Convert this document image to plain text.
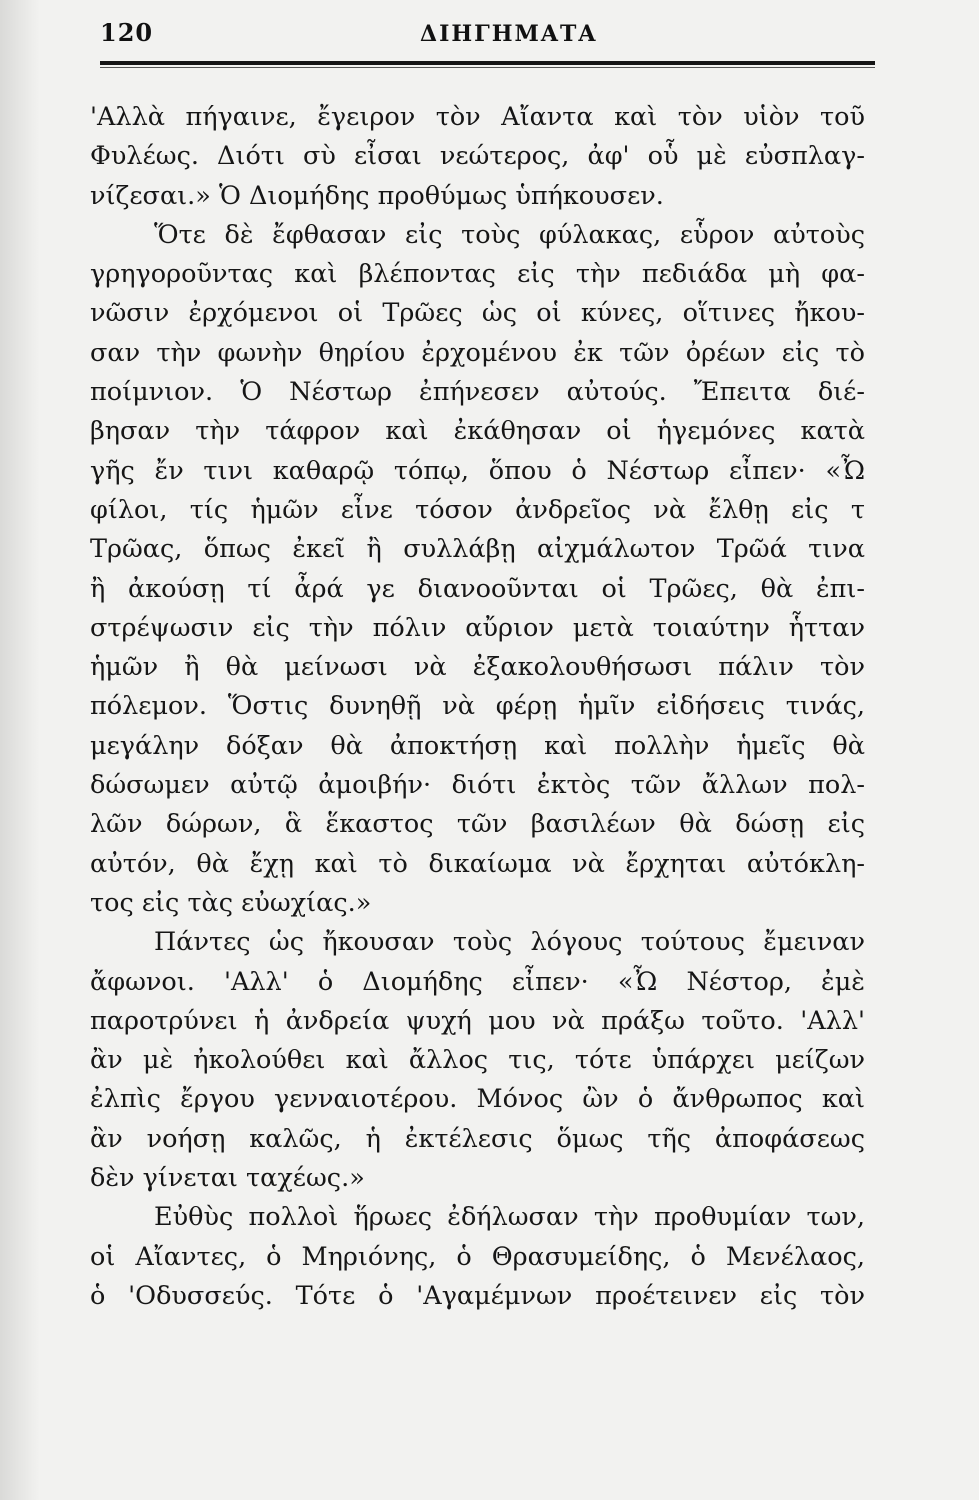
120	ΔΙΗΓΗΜΑΤΑ
'Αλλὰ πήγαινε, ἔγειρον τὸν Αἴαντα καὶ τὸν υἱὸν τοῦ
Φυλέως. Διότι σὺ εἶσαι νεώτερος, ἀφ' οὗ μὲ εὐσπλαγ-
νίζεσαι.» Ὁ Διομήδης προθύμως ὑπήκουσεν.
Ὅτε δὲ ἔφθασαν εἰς τοὺς φύλακας, εὗρον αὐτοὺς
γρηγοροῦντας καὶ βλέποντας εἰς τὴν πεδιάδα μὴ φα-
νῶσιν ἐρχόμενοι οἱ Τρῶες ὡς οἱ κύνες, οἵτινες ἤκου-
σαν τὴν φωνὴν θηρίου ἐρχομένου ἐκ τῶν ὀρέων εἰς τὸ
ποίμνιον. Ὁ Νέστωρ ἐπήνεσεν αὐτούς. Ἔπειτα διέ-
βησαν τὴν τάφρον καὶ ἐκάθησαν οἱ ἡγεμόνες κατὰ
γῆς ἔν τινι καθαρῷ τόπῳ, ὅπου ὁ Νέστωρ εἶπεν· «Ὦ
φίλοι, τίς ἡμῶν εἶνε τόσον ἀνδρεῖος νὰ ἔλθῃ εἰς τ
Τρῶας, ὅπως ἐκεῖ ἢ συλλάβῃ αἰχμάλωτον Τρῶά τινα
ἢ ἀκούσῃ τί ἆρά γε διανοοῦνται οἱ Τρῶες, θὰ ἐπι-
στρέψωσιν εἰς τὴν πόλιν αὔριον μετὰ τοιαύτην ἧτταν
ἡμῶν ἢ θὰ μείνωσι νὰ ἐξακολουθήσωσι πάλιν τὸν
πόλεμον. Ὅστις δυνηθῇ νὰ φέρῃ ἡμῖν εἰδήσεις τινάς,
μεγάλην δόξαν θὰ ἀποκτήσῃ καὶ πολλὴν ἡμεῖς θὰ
δώσωμεν αὐτῷ ἀμοιβήν· διότι ἐκτὸς τῶν ἄλλων πολ-
λῶν δώρων, ἃ ἕκαστος τῶν βασιλέων θὰ δώσῃ εἰς
αὐτόν, θὰ ἔχῃ καὶ τὸ δικαίωμα νὰ ἔρχηται αὐτόκλη-
τος εἰς τὰς εὐωχίας.»
Πάντες ὡς ἤκουσαν τοὺς λόγους τούτους ἔμειναν
ἄφωνοι. 'Αλλ' ὁ Διομήδης εἶπεν· «Ὦ Νέστορ, ἐμὲ
παροτρύνει ἡ ἀνδρεία ψυχή μου νὰ πράξω τοῦτο. 'Αλλ'
ἂν μὲ ἠκολούθει καὶ ἄλλος τις, τότε ὑπάρχει μείζων
ἐλπὶς ἔργου γενναιοτέρου. Μόνος ὢν ὁ ἄνθρωπος καὶ
ἂν νοήσῃ καλῶς, ἡ ἐκτέλεσις ὅμως τῆς ἀποφάσεως
δὲν γίνεται ταχέως.»
Εὐθὺς πολλοὶ ἥρωες ἐδήλωσαν τὴν προθυμίαν των,
οἱ Αἴαντες, ὁ Μηριόνης, ὁ Θρασυμείδης, ὁ Μενέλαος,
ὁ 'Οδυσσεύς. Τότε ὁ 'Αγαμέμνων προέτεινεν εἰς τὸν
